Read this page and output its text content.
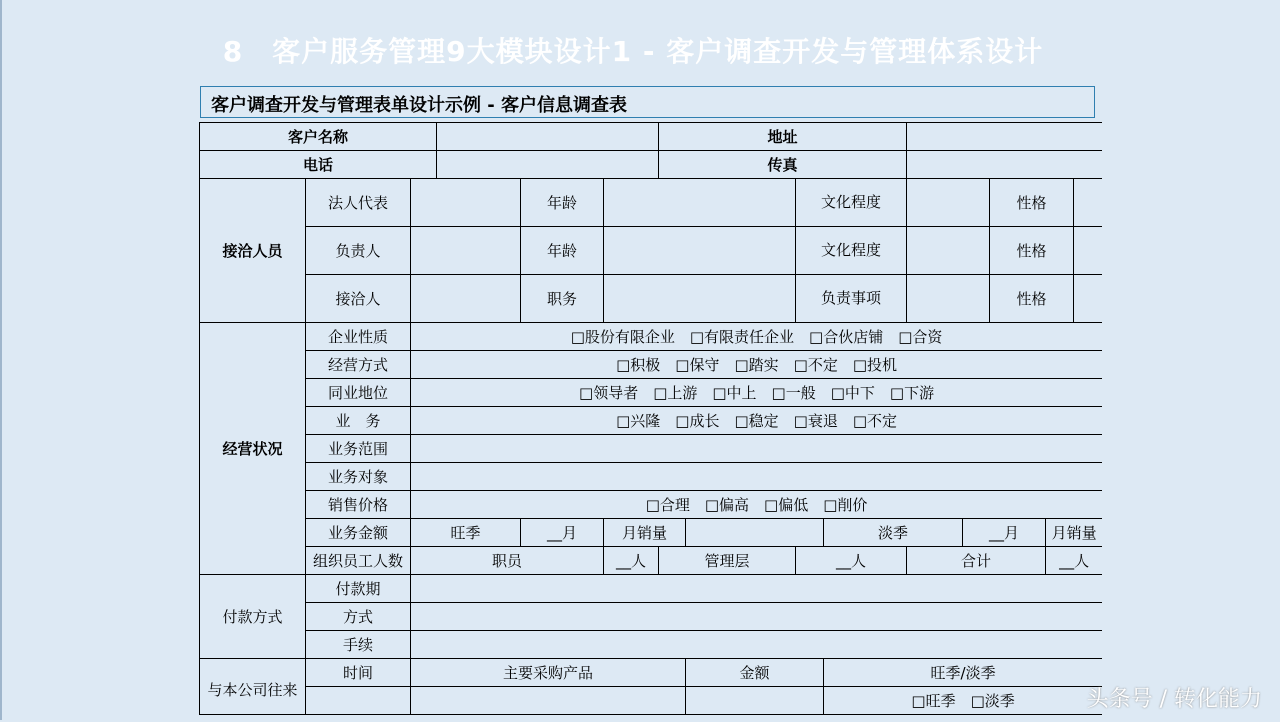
8　客户服务管理9大模块设计1 - 客户调查开发与管理体系设计
客户调查开发与管理表单设计示例 - 客户信息调查表
客户名称						地址									
电话						传真									
接洽人员	法人代表			年龄				文化程度				性格			
	负责人			年龄				文化程度				性格			
	接洽人			职务				负责事项				性格			
经营状况	企业性质	□股份有限企业　□有限责任企业　□合伙店铺　□合资													
	经营方式	□积极　□保守　□踏实　□不定　□投机													
	同业地位	□领导者　□上游　□中上　□一般　□中下　□下游													
	业　务	□兴隆　□成长　□稳定　□衰退　□不定													
	业务范围														
	业务对象														
	销售价格	□合理　□偏高　□偏低　□削价													
	业务金额	旺季		__月	月销量				淡季		__月		月销量		
	组织员工人数	职员			__人	管理层		__人		合计			__人		
付款方式	付款期														
	方式														
	手续														
与本公司往来	时间	主要采购产品					金额		旺季/淡季						
									□旺季　□淡季							头条号 / 转化能力
